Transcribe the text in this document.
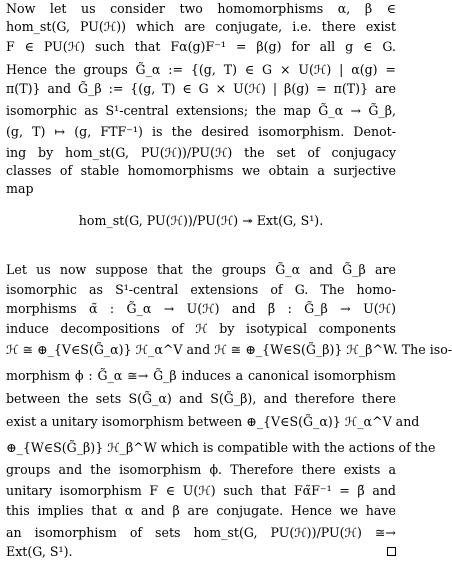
Now let us consider two homomorphisms α, β ∈
hom_st(G, PU(ℋ)) which are conjugate, i.e. there exist
F ∈ PU(ℋ) such that Fα(g)F⁻¹ = β(g) for all g ∈ G.
Hence the groups G̃_α := {(g, T) ∈ G × U(ℋ) | α(g) =
π(T)} and G̃_β := {(g, T) ∈ G × U(ℋ) | β(g) = π(T)} are
isomorphic as S¹-central extensions; the map G̃_α → G̃_β,
(g, T) ↦ (g, FTF⁻¹) is the desired isomorphism. Denot-
ing by hom_st(G, PU(ℋ))/PU(ℋ) the set of conjugacy
classes of stable homomorphisms we obtain a surjective
map
hom_st(G, PU(ℋ))/PU(ℋ) ↠ Ext(G, S¹).
Let us now suppose that the groups G̃_α and G̃_β are
isomorphic as S¹-central extensions of G. The homo-
morphisms α̃ : G̃_α → U(ℋ) and β̃ : G̃_β → U(ℋ)
induce decompositions of ℋ by isotypical components
ℋ ≅ ⊕_{V∈S(G̃_α)} ℋ_α^V and ℋ ≅ ⊕_{W∈S(G̃_β)} ℋ_β^W. The iso-
morphism ϕ : G̃_α ≅→ G̃_β induces a canonical isomorphism
between the sets S(G̃_α) and S(G̃_β), and therefore there
exist a unitary isomorphism between ⊕_{V∈S(G̃_α)} ℋ_α^V and
⊕_{W∈S(G̃_β)} ℋ_β^W which is compatible with the actions of the
groups and the isomorphism ϕ. Therefore there exists a
unitary isomorphism F ∈ U(ℋ) such that Fα̃F⁻¹ = β̃ and
this implies that α and β are conjugate. Hence we have
an isomorphism of sets hom_st(G, PU(ℋ))/PU(ℋ) ≅→
Ext(G, S¹).
